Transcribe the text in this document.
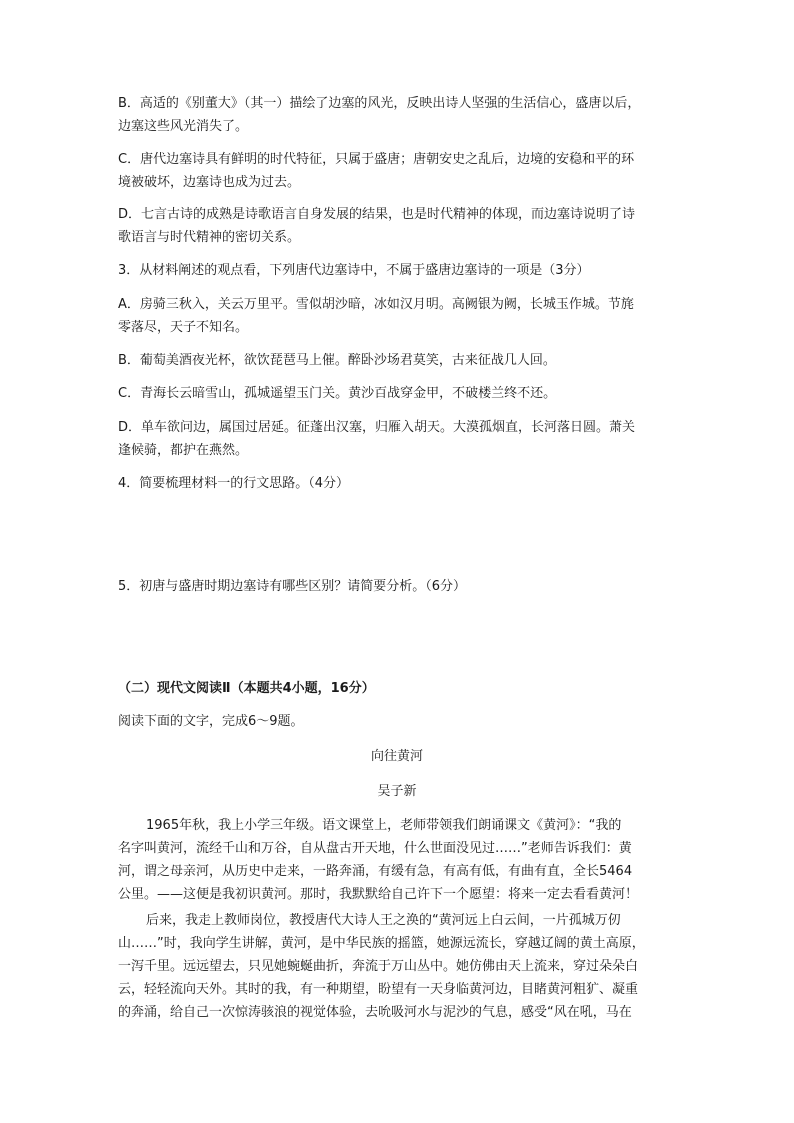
B．高适的《别董大》（其一）描绘了边塞的风光，反映出诗人坚强的生活信心，盛唐以后，
边塞这些风光消失了。
C．唐代边塞诗具有鲜明的时代特征，只属于盛唐；唐朝安史之乱后，边境的安稳和平的环
境被破坏，边塞诗也成为过去。
D．七言古诗的成熟是诗歌语言自身发展的结果，也是时代精神的体现，而边塞诗说明了诗
歌语言与时代精神的密切关系。
3．从材料阐述的观点看，下列唐代边塞诗中，不属于盛唐边塞诗的一项是（3分）
A．房骑三秋入，关云万里平。雪似胡沙暗，冰如汉月明。高阙银为阙，长城玉作城。节旄
零落尽，天子不知名。
B．葡萄美酒夜光杯，欲饮琵琶马上催。醉卧沙场君莫笑，古来征战几人回。
C．青海长云暗雪山，孤城遥望玉门关。黄沙百战穿金甲，不破楼兰终不还。
D．单车欲问边，属国过居延。征蓬出汉塞，归雁入胡天。大漠孤烟直，长河落日圆。萧关
逢候骑，都护在燕然。
4．简要梳理材料一的行文思路。（4分）
5．初唐与盛唐时期边塞诗有哪些区别？请简要分析。（6分）
（二）现代文阅读Ⅱ（本题共4小题，16分）
阅读下面的文字，完成6～9题。
向往黄河
吴子新
1965年秋，我上小学三年级。语文课堂上，老师带领我们朗诵课文《黄河》：“我的
名字叫黄河，流经千山和万谷，自从盘古开天地，什么世面没见过……”老师告诉我们：黄
河，谓之母亲河，从历史中走来，一路奔涌，有缓有急，有高有低，有曲有直，全长5464
公里。——这便是我初识黄河。那时，我默默给自己许下一个愿望：将来一定去看看黄河！
后来，我走上教师岗位，教授唐代大诗人王之涣的“黄河远上白云间，一片孤城万仞
山……”时，我向学生讲解，黄河，是中华民族的摇篮，她源远流长，穿越辽阔的黄土高原，
一泻千里。远远望去，只见她蜿蜒曲折，奔流于万山丛中。她仿佛由天上流来，穿过朵朵白
云，轻轻流向天外。其时的我，有一种期望，盼望有一天身临黄河边，目睹黄河粗犷、凝重
的奔涌，给自己一次惊涛骇浪的视觉体验，去吮吸河水与泥沙的气息，感受“风在吼，马在
